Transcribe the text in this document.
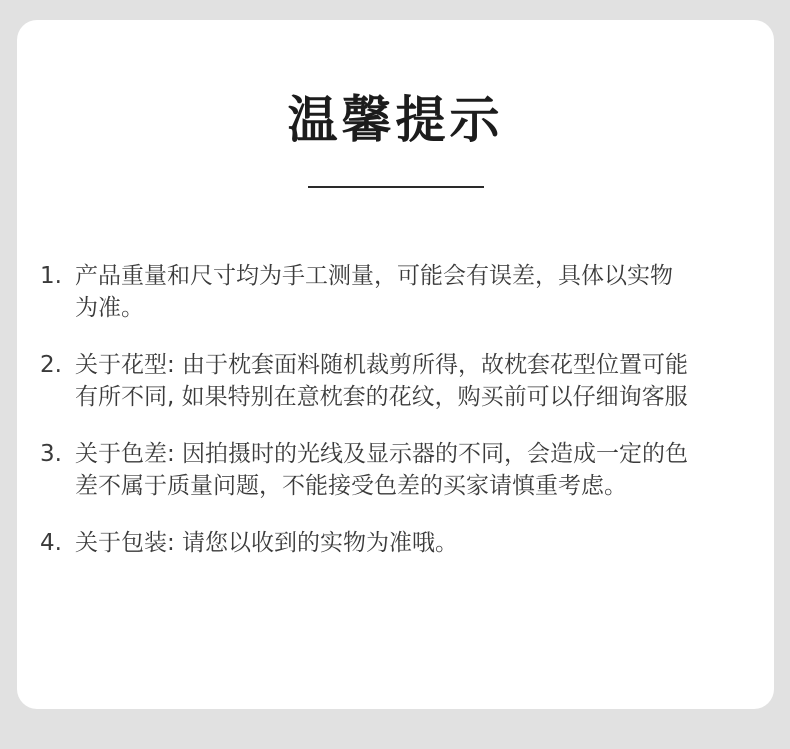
温馨提示
1. 产品重量和尺寸均为手工测量，可能会有误差，具体以实物
为准。
2. 关于花型: 由于枕套面料随机裁剪所得，故枕套花型位置可能
有所不同, 如果特别在意枕套的花纹，购买前可以仔细询客服
3. 关于色差: 因拍摄时的光线及显示器的不同，会造成一定的色
差不属于质量问题，不能接受色差的买家请慎重考虑。
4. 关于包装: 请您以收到的实物为准哦。
